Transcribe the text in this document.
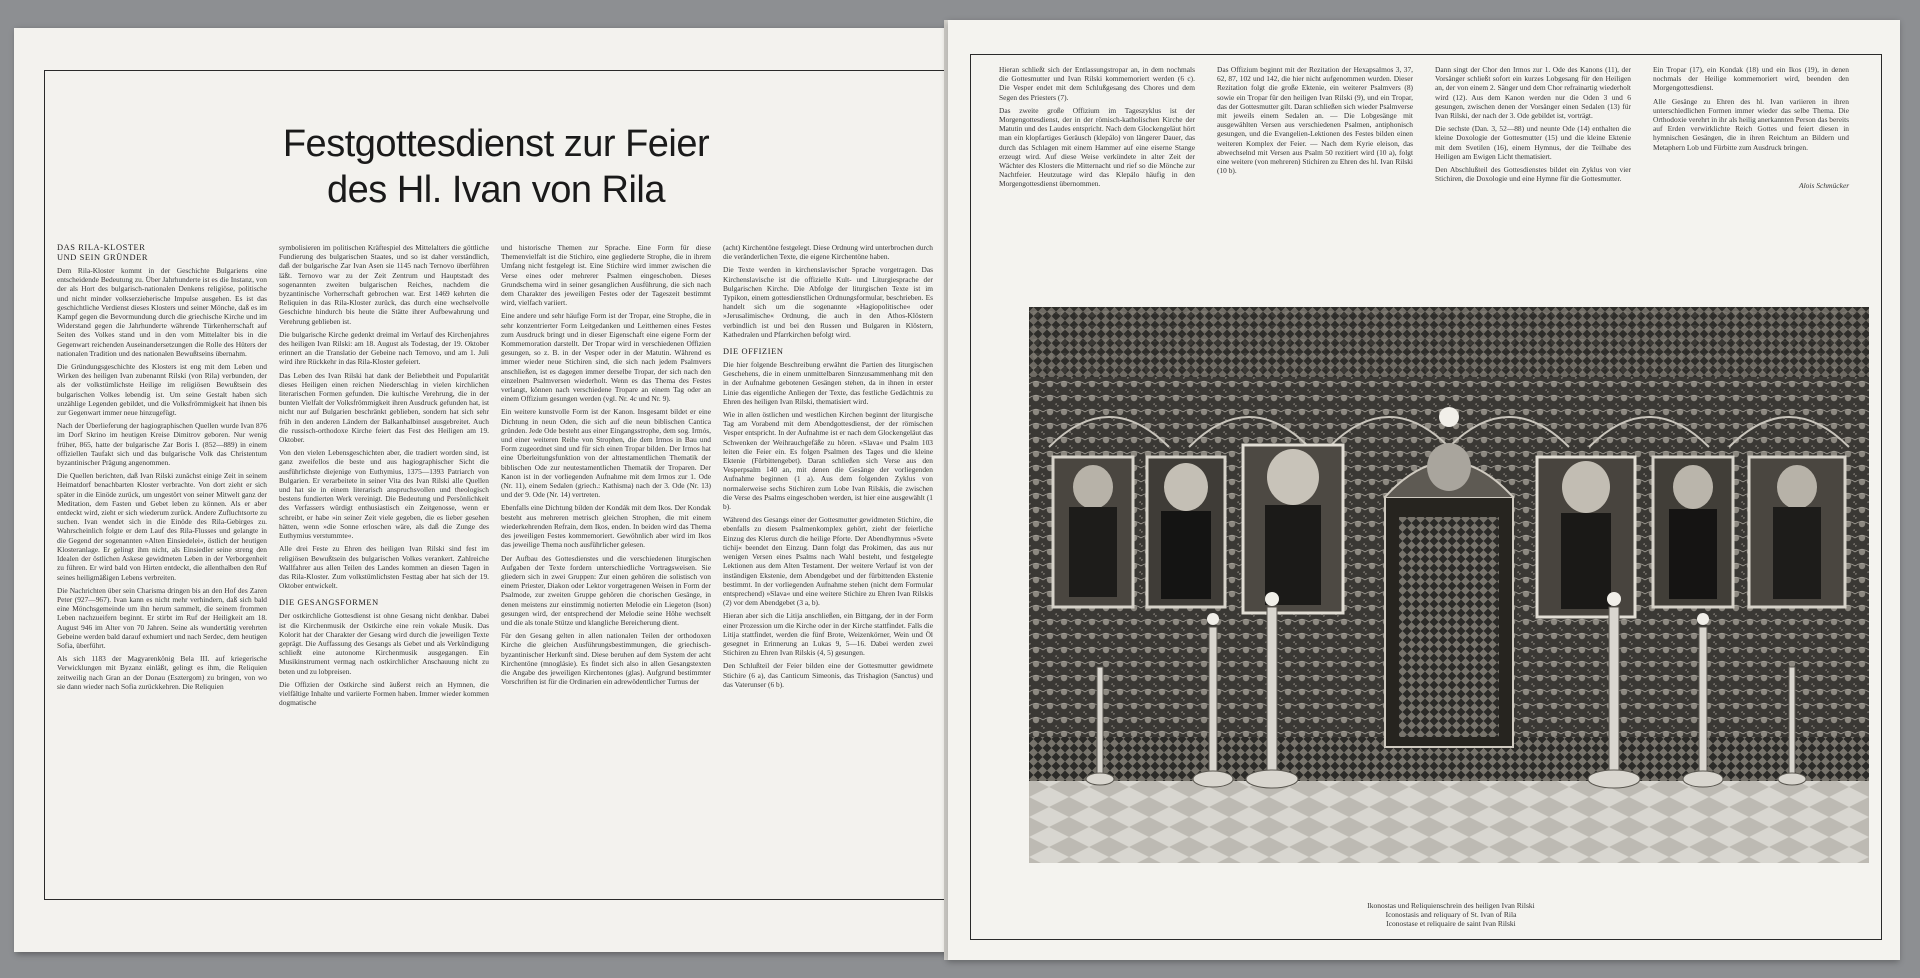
Festgottesdienst zur Feier
des Hl. Ivan von Rila
DAS RILA-KLOSTER
UND SEIN GRÜNDER

Dem Rila-Kloster kommt in der Geschichte Bulgariens eine entscheidende Bedeutung zu. Über Jahrhunderte ist es die Instanz, von der als Hort des bulgarisch-nationalen Denkens religiöse, politische und nicht minder volkserzieherische Impulse ausgehen. Es ist das geschichtliche Verdienst dieses Klosters und seiner Mönche, daß es im Kampf gegen die Bevormundung durch die griechische Kirche und im Widerstand gegen die Jahrhunderte währende Türkenherrschaft auf Seiten des Volkes stand und in den vom Mittelalter bis in die Gegenwart reichenden Auseinandersetzungen die Rolle des Hüters der nationalen Tradition und des nationalen Bewußtseins übernahm.

Die Gründungsgeschichte des Klosters ist eng mit dem Leben und Wirken des heiligen Ivan zubenannt Rilski (von Rila) verbunden, der als der volkstümlichste Heilige im religiösen Bewußtsein des bulgarischen Volkes lebendig ist. Um seine Gestalt haben sich unzählige Legenden gebildet, und die Volksfrömmigkeit hat ihnen bis zur Gegenwart immer neue hinzugefügt.

Nach der Überlieferung der hagiographischen Quellen wurde Ivan 876 im Dorf Skrino im heutigen Kreise Dimitrov geboren. Nur wenig früher, 865, hatte der bulgarische Zar Boris I. (852—889) in einem offiziellen Taufakt sich und das bulgarische Volk das Christentum byzantinischer Prägung angenommen.

Die Quellen berichten, daß Ivan Rilski zunächst einige Zeit in seinem Heimatdorf benachbarten Kloster verbrachte. Von dort zieht er sich später in die Einöde zurück, um ungestört von seiner Mitwelt ganz der Meditation, dem Fasten und Gebet leben zu können. Als er aber entdeckt wird, zieht er sich wiederum zurück. Andere Zufluchtsorte zu suchen. Ivan wendet sich in die Einöde des Rila-Gebirges zu. Wahrscheinlich folgte er dem Lauf des Rila-Flusses und gelangte in die Gegend der sogenannten »Alten Einsiedelei«, östlich der heutigen Klosteranlage. Er gelingt ihm nicht, als Einsiedler seine streng den Idealen der östlichen Askese gewidmeten Leben in der Verborgenheit zu führen. Er wird bald von Hirten entdeckt, die allenthalben den Ruf seines heiligmäßigen Lebens verbreiten.

Die Nachrichten über sein Charisma dringen bis an den Hof des Zaren Peter (927—967). Ivan kann es nicht mehr verhindern, daß sich bald eine Mönchsgemeinde um ihn herum sammelt, die seinem frommen Leben nachzueifern beginnt. Er stirbt im Ruf der Heiligkeit am 18. August 946 im Alter von 70 Jahren. Seine als wundertätig verehrten Gebeine werden bald darauf exhumiert und nach Serdec, dem heutigen Sofia, überführt.

Als sich 1183 der Magyarenkönig Bela III. auf kriegerische Verwicklungen mit Byzanz einläßt, gelingt es ihm, die Reliquien zeitweilig nach Gran an der Donau (Esztergom) zu bringen, von wo sie dann wieder nach Sofia zurückkehren. Die Reliquien

symbolisieren im politischen Kräftespiel des Mittelalters die göttliche Fundierung des bulgarischen Staates, und so ist daher verständlich, daß der bulgarische Zar Ivan Asen sie 1145 nach Ternovo überführen läßt. Ternovo war zu der Zeit Zentrum und Hauptstadt des sogenannten zweiten bulgarischen Reiches, nachdem die byzantinische Vorherrschaft gebrochen war. Erst 1469 kehrten die Reliquien in das Rila-Kloster zurück, das durch eine wechselvolle Geschichte hindurch bis heute die Stätte ihrer Aufbewahrung und Verehrung geblieben ist.

Die bulgarische Kirche gedenkt dreimal im Verlauf des Kirchenjahres des heiligen Ivan Rilski: am 18. August als Todestag, der 19. Oktober erinnert an die Translatio der Gebeine nach Ternovo, und am 1. Juli wird ihre Rückkehr in das Rila-Kloster gefeiert.

Das Leben des Ivan Rilski hat dank der Beliebtheit und Popularität dieses Heiligen einen reichen Niederschlag in vielen kirchlichen literarischen Formen gefunden. Die kultische Verehrung, die in der bunten Vielfalt der Volksfrömmigkeit ihren Ausdruck gefunden hat, ist nicht nur auf Bulgarien beschränkt geblieben, sondern hat sich sehr früh in den anderen Ländern der Balkanhalbinsel ausgebreitet. Auch die russisch-orthodoxe Kirche feiert das Fest des Heiligen am 19. Oktober.

Von den vielen Lebensgeschichten aber, die tradiert worden sind, ist ganz zweifellos die beste und aus hagiographischer Sicht die ausführlichste diejenige von Euthymius, 1375—1393 Patriarch von Bulgarien. Er verarbeitete in seiner Vita des Ivan Rilski alle Quellen und hat sie in einem literarisch anspruchsvollen und theologisch bestens fundierten Werk vereinigt. Die Bedeutung und Persönlichkeit des Verfassers würdigt enthusiastisch ein Zeitgenosse, wenn er schreibt, er habe »in seiner Zeit viele gegeben, die es lieber gesehen hätten, wenn »die Sonne erloschen wäre, als daß die Zunge des Euthymius verstummte«.

Alle drei Feste zu Ehren des heiligen Ivan Rilski sind fest im religiösen Bewußtsein des bulgarischen Volkes verankert. Zahlreiche Wallfahrer aus allen Teilen des Landes kommen an diesen Tagen in das Rila-Kloster. Zum volkstümlichsten Festtag aber hat sich der 19. Oktober entwickelt.

DIE GESANGSFORMEN

Der ostkirchliche Gottesdienst ist ohne Gesang nicht denkbar. Dabei ist die Kirchenmusik der Ostkirche eine rein vokale Musik. Das Kolorit hat der Charakter der Gesang wird durch die jeweiligen Texte geprägt. Die Auffassung des Gesangs als Gebet und als Verkündigung schließt eine autonome Kirchenmusik ausgegangen. Ein Musikinstrument vermag nach ostkirchlicher Anschauung nicht zu beten und zu lobpreisen.

Die Offizien der Ostkirche sind äußerst reich an Hymnen, die vielfältige Inhalte und variierte Formen haben. Immer wieder kommen dogmatische

und historische Themen zur Sprache. Eine Form für diese Themenvielfalt ist die Stichiro, eine gegliederte Strophe, die in ihrem Umfang nicht festgelegt ist. Eine Stichire wird immer zwischen die Verse eines oder mehrerer Psalmen eingeschoben. Dieses Grundschema wird in seiner gesanglichen Ausführung, die sich nach dem Charakter des jeweiligen Festes oder der Tageszeit bestimmt wird, vielfach variiert.

Eine andere und sehr häufige Form ist der Tropar, eine Strophe, die in sehr konzentrierter Form Leitgedanken und Leitthemen eines Festes zum Ausdruck bringt und in dieser Eigenschaft eine eigene Form der Kommemoration darstellt. Der Tropar wird in verschiedenen Offizien gesungen, so z. B. in der Vesper oder in der Matutin. Während es immer wieder neue Stichiren sind, die sich nach jedem Psalmvers anschließen, ist es dagegen immer derselbe Tropar, der sich nach den einzelnen Psalmversen wiederholt. Wenn es das Thema des Festes verlangt, können nach verschiedene Tropare an einem Tag oder an einem Offizium gesungen werden (vgl. Nr. 4c und Nr. 9).

Ein weitere kunstvolle Form ist der Kanon. Insgesamt bildet er eine Dichtung in neun Oden, die sich auf die neun biblischen Cantica gründen. Jede Ode besteht aus einer Eingangsstrophe, dem sog. Irmós, und einer weiteren Reihe von Strophen, die dem Irmos in Bau und Form zugeordnet sind und für sich einen Tropar bilden. Der Irmos hat eine Überleitungsfunktion von der alttestamentlichen Thematik der biblischen Ode zur neutestamentlichen Thematik der Troparen. Der Kanon ist in der vorliegenden Aufnahme mit dem Irmos zur 1. Ode (Nr. 11), einem Sedalen (griech.: Kathisma) nach der 3. Ode (Nr. 13) und der 9. Ode (Nr. 14) vertreten.

Ebenfalls eine Dichtung bilden der Kondák mit dem Ikos. Der Kondak besteht aus mehreren metrisch gleichen Strophen, die mit einem wiederkehrenden Refrain, dem Ikos, enden. In beiden wird das Thema des jeweiligen Festes kommemoriert. Gewöhnlich aber wird im Ikos das jeweilige Thema noch ausführlicher gelesen.

Der Aufbau des Gottesdienstes und die verschiedenen liturgischen Aufgaben der Texte fordern unterschiedliche Vortragsweisen. Sie gliedern sich in zwei Gruppen: Zur einen gehören die solistisch von einem Priester, Diakon oder Lektor vorgetragenen Weisen in Form der Psalmode, zur zweiten Gruppe gehören die chorischen Gesänge, in denen meistens zur einstimmig notierten Melodie ein Liegeton (Ison) gesungen wird, der entsprechend der Melodie seine Höhe wechselt und die als tonale Stütze und klangliche Bereicherung dient.

Für den Gesang gelten in allen nationalen Teilen der orthodoxen Kirche die gleichen Ausführungsbestimmungen, die griechisch-byzantinischer Herkunft sind. Diese beruhen auf dem System der acht Kirchentöne (mnoglásie). Es findet sich also in allen Gesangstexten die Angabe des jeweiligen Kirchentones (glas). Aufgrund bestimmter Vorschriften ist für die Ordinarien ein adrewödentlicher Turnus der

(acht) Kirchentöne festgelegt. Diese Ordnung wird unterbrochen durch die veränderlichen Texte, die eigene Kirchentöne haben.

Die Texte werden in kirchenslavischer Sprache vorgetragen. Das Kirchenslavische ist die offizielle Kult- und Liturgiesprache der Bulgarischen Kirche. Die Abfolge der liturgischen Texte ist im Typikon, einem gottesdienstlichen Ordnungsformular, beschrieben. Es handelt sich um die sogenannte »Hagiopolitische« oder »Jerusalimische« Ordnung, die auch in den Athos-Klöstern verbindlich ist und bei den Russen und Bulgaren in Klöstern, Kathedralen und Pfarrkirchen befolgt wird.

DIE OFFIZIEN

Die hier folgende Beschreibung erwähnt die Partien des liturgischen Geschehens, die in einem unmittelbaren Sinnzusammenhang mit den in der Aufnahme gebotenen Gesängen stehen, da in ihnen in erster Linie das eigentliche Anliegen der Texte, das festliche Gedächtnis zu Ehren des heiligen Ivan Rilski, thematisiert wird.

Wie in allen östlichen und westlichen Kirchen beginnt der liturgische Tag am Vorabend mit dem Abendgottesdienst, der der römischen Vesper entspricht. In der Aufnahme ist er nach dem Glockengeläut das Schwenken der Weihrauchgefäße zu hören. »Slava« und Psalm 103 leiten die Feier ein. Es folgen Psalmen des Tages und die kleine Ektenie (Fürbittengebet). Daran schließen sich Verse aus den Vesperpsalm 140 an, mit denen die Gesänge der vorliegenden Aufnahme beginnen (1 a). Aus dem folgenden Zyklus von normalerweise sechs Stichiren zum Lobe Ivan Rilskis, die zwischen die Verse des Psalms eingeschoben werden, ist hier eine ausgewählt (1 b).

Während des Gesangs einer der Gottesmutter gewidmeten Stichire, die ebenfalls zu diesem Psalmenkomplex gehört, zieht der feierliche Einzug des Klerus durch die heilige Pforte. Der Abendhymnus »Svete tichij« beendet den Einzug. Dann folgt das Prokimen, das aus nur wenigen Versen eines Psalms nach Wahl besteht, und festgelegte Lektionen aus dem Alten Testament. Der weitere Verlauf ist von der inständigen Ekstenie, dem Abendgebet und der fürbittenden Ekstenie bestimmt. In der vorliegenden Aufnahme stehen (nicht dem Formular entsprechend) »Slava« und eine weitere Stichire zu Ehren Ivan Rilskis (2) vor dem Abendgebet (3 a, b).

Hieran aber sich die Litija anschließen, ein Bittgang, der in der Form einer Prozession um die Kirche oder in der Kirche stattfindet. Falls die Litija stattfindet, werden die fünf Brote, Weizenkörner, Wein und Öl gesegnet in Erinnerung an Lukas 9, 5—16. Dabei werden zwei Stichiren zu Ehren Ivan Rilskis (4, 5) gesungen.

Den Schlußteil der Feier bilden eine der Gottesmutter gewidmete Stichire (6 a), das Canticum Simeonis, das Trishagion (Sanctus) und das Vaterunser (6 b).

Hieran schließt sich der Entlassungstropar an, in dem nochmals die Gottesmutter und Ivan Rilski kommemoriert werden (6 c). Die Vesper endet mit dem Schlußgesang des Chores und dem Segen des Priesters (7).

Das zweite große Offizium im Tageszyklus ist der Morgengottesdienst, der in der römisch-katholischen Kirche der Matutin und des Laudes entspricht. Nach dem Glockengeläut hört man ein klopfartiges Geräusch (klepálo) von längerer Dauer, das durch das Schlagen mit einem Hammer auf eine eiserne Stange erzeugt wird. Auf diese Weise verkündete in alter Zeit der Wächter des Klosters die Mitternacht und rief so die Mönche zur Nachtfeier. Heutzutage wird das Klepálo häufig in den Morgengottesdienst übernommen.

Das Offizium beginnt mit der Rezitation der Hexapsalmos 3, 37, 62, 87, 102 und 142, die hier nicht aufgenommen wurden. Dieser Rezitation folgt die große Ektenie, ein weiterer Psalmvers (8) sowie ein Tropar für den heiligen Ivan Rilski (9), und ein Tropar, das der Gottesmutter gilt. Daran schließen sich wieder Psalmverse mit jeweils einem Sedalen an. — Die Lobgesänge mit ausgewählten Versen aus verschiedenen Psalmen, antiphonisch gesungen, und die Evangelien-Lektionen des Festes bilden einen weiteren Komplex der Feier. — Nach dem Kyrie eleison, das abwechselnd mit Versen aus Psalm 50 rezitiert wird (10 a), folgt eine weitere (von mehreren) Stichiren zu Ehren des hl. Ivan Rilski (10 b).

Dann singt der Chor den Irmos zur 1. Ode des Kanons (11), der Vorsänger schließt sofort ein kurzes Lobgesang für den Heiligen an, der von einem 2. Sänger und dem Chor refrainartig wiederholt wird (12). Aus dem Kanon werden nur die Oden 3 und 6 gesungen, zwischen denen der Vorsänger einen Sedalen (13) für Ivan Rilski, der nach der 3. Ode gebildet ist, vorträgt.

Die sechste (Dan. 3, 52—88) und neunte Ode (14) enthalten die kleine Doxologie der Gottesmutter (15) und die kleine Ektenie mit dem Svetilen (16), einem Hymnus, der die Teilhabe des Heiligen am Ewigen Licht thematisiert.

Den Abschlußteil des Gottesdienstes bildet ein Zyklus von vier Stichiren, die Doxologie und eine Hymne für die Gottesmutter.

Ein Tropar (17), ein Kondak (18) und ein Ikos (19), in denen nochmals der Heilige kommemoriert wird, beenden den Morgengottesdienst.

Alle Gesänge zu Ehren des hl. Ivan variieren in ihren unterschiedlichen Formen immer wieder das selbe Thema. Die Orthodoxie verehrt in ihr als heilig anerkannten Person das bereits auf Erden verwirklichte Reich Gottes und feiert diesen in hymnischen Gesängen, die in ihren Reichtum an Bildern und Metaphern Lob und Fürbitte zum Ausdruck bringen.

Alois Schmücker
Ikonostas und Reliquienschrein des heiligen Ivan Rilski
Iconostasis and reliquary of St. Ivan of Rila
Iconostase et reliquaire de saint Ivan Rilski
